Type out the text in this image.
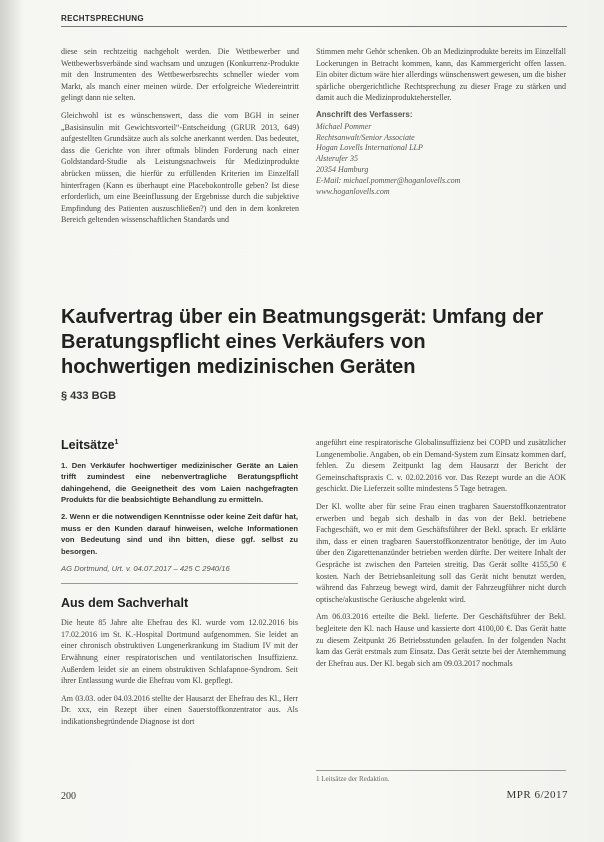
RECHTSPRECHUNG

diese sein rechtzeitig nachgeholt werden. Die Wettbewerber und Wettbewerbsverbände sind wachsam und unzugen (Konkurrenz-Produkte mit den Instrumenten des Wettbewerbsrechts schneller wieder vom Markt, als manch einer meinen würde. Der erfolgreiche Wiedereintritt gelingt dann nie selten.

Gleichwohl ist es wünschenswert, dass die vom BGH in seiner „Basisinsulin mit Gewichtsvorteil“-Entscheidung (GRUR 2013, 649) aufgestellten Grundsätze auch als solche anerkannt werden. Das bedeutet, dass die Gerichte von ihrer oftmals blinden Forderung nach einer Goldstandard-Studie als Leistungsnachweis für Medizinprodukte abrücken müssen, die hierfür zu erfüllenden Kriterien im Einzelfall hinterfragen (Kann es überhaupt eine Placebokontrolle geben? Ist diese erforderlich, um eine Beeinflussung der Ergebnisse durch die subjektive Empfindung des Patienten auszuschließen?) und den in dem konkreten Bereich geltenden wissenschaftlichen Standards und

Stimmen mehr Gehör schenken. Ob an Medizinprodukte bereits im Einzelfall Lockerungen in Betracht kommen, kann, das Kammergericht offen lassen. Ein obiter dictum wäre hier allerdings wünschenswert gewesen, um die bisher spärliche obergerichtliche Rechtsprechung zu dieser Frage zu stärken und damit auch die Medizinproduktehersteller.

Anschrift des Verfassers:
Michael Pommer
Rechtsanwalt/Senior Associate
Hogan Lovells International LLP
Alsterufer 35
20354 Hamburg
E-Mail: michael.pommer@hoganlovells.com
www.hoganlovells.com
Kaufvertrag über ein Beatmungsgerät: Umfang der Beratungspflicht eines Verkäufers von hochwertigen medizinischen Geräten
§ 433 BGB
Leitsätze$^1$

1. Den Verkäufer hochwertiger medizinischer Geräte an Laien trifft zumindest eine nebenvertragliche Beratungspflicht dahingehend, die Geeignetheit des vom Laien nachgefragten Produkts für die beabsichtigte Behandlung zu ermitteln.

2. Wenn er die notwendigen Kenntnisse oder keine Zeit dafür hat, muss er den Kunden darauf hinweisen, welche Informationen von Bedeutung sind und ihn bitten, diese ggf. selbst zu besorgen.

AG Dortmund, Urt. v. 04.07.2017 – 425 C 2940/16
Aus dem Sachverhalt

Die heute 85 Jahre alte Ehefrau des Kl. wurde vom 12.02.2016 bis 17.02.2016 im St. K.-Hospital Dortmund aufgenommen. Sie leidet an einer chronisch obstruktiven Lungenerkrankung im Stadium IV mit der Erwähnung einer respiratorischen und ventilatorischen Insuffizienz. Außerdem leidet sie an einem obstruktiven Schlafapnoe-Syndrom. Seit ihrer Entlassung wurde die Ehefrau vom Kl. gepflegt.

Am 03.03. oder 04.03.2016 stellte der Hausarzt der Ehefrau des Kl., Herr Dr. xxx, ein Rezept über einen Sauerstoffkonzentrator aus. Als indikationsbegründende Diagnose ist dort

angeführt eine respiratorische Globalinsuffizienz bei COPD und zusätzlicher Lungenembolie. Angaben, ob ein Demand-System zum Einsatz kommen darf, fehlen. Zu diesem Zeitpunkt lag dem Hausarzt der Bericht der Gemeinschaftspraxis C. v. 02.02.2016 vor. Das Rezept wurde an die AOK geschickt. Die Lieferzeit sollte mindestens 5 Tage betragen.

Der Kl. wollte aber für seine Frau einen tragbaren Sauerstoffkonzentrator erwerben und begab sich deshalb in das von der Bekl. betriebene Fachgeschäft, wo er mit dem Geschäftsführer der Bekl. sprach. Er erklärte ihm, dass er einen tragbaren Sauerstoffkonzentrator benötige, der im Auto über den Zigarettenanzünder betrieben werden dürfte. Der weitere Inhalt der Gespräche ist zwischen den Parteien streitig. Das Gerät sollte 4155,50 € kosten. Nach der Betriebsanleitung soll das Gerät nicht benutzt werden, während das Fahrzeug bewegt wird, damit der Fahrzeugführer nicht durch optische/akustische Geräusche abgelenkt wird.

Am 06.03.2016 erteilte die Bekl. lieferte. Der Geschäftsführer der Bekl. begleitete den Kl. nach Hause und kassierte dort 4100,00 €. Das Gerät hatte zu diesem Zeitpunkt 26 Betriebsstunden gelaufen. In der folgenden Nacht kam das Gerät erstmals zum Einsatz. Das Gerät setzte bei der Atemhemmung der Ehefrau aus. Der Kl. begab sich am 09.03.2017 nochmals

1 Leitsätze der Redaktion.
200	MPR 6/2017
